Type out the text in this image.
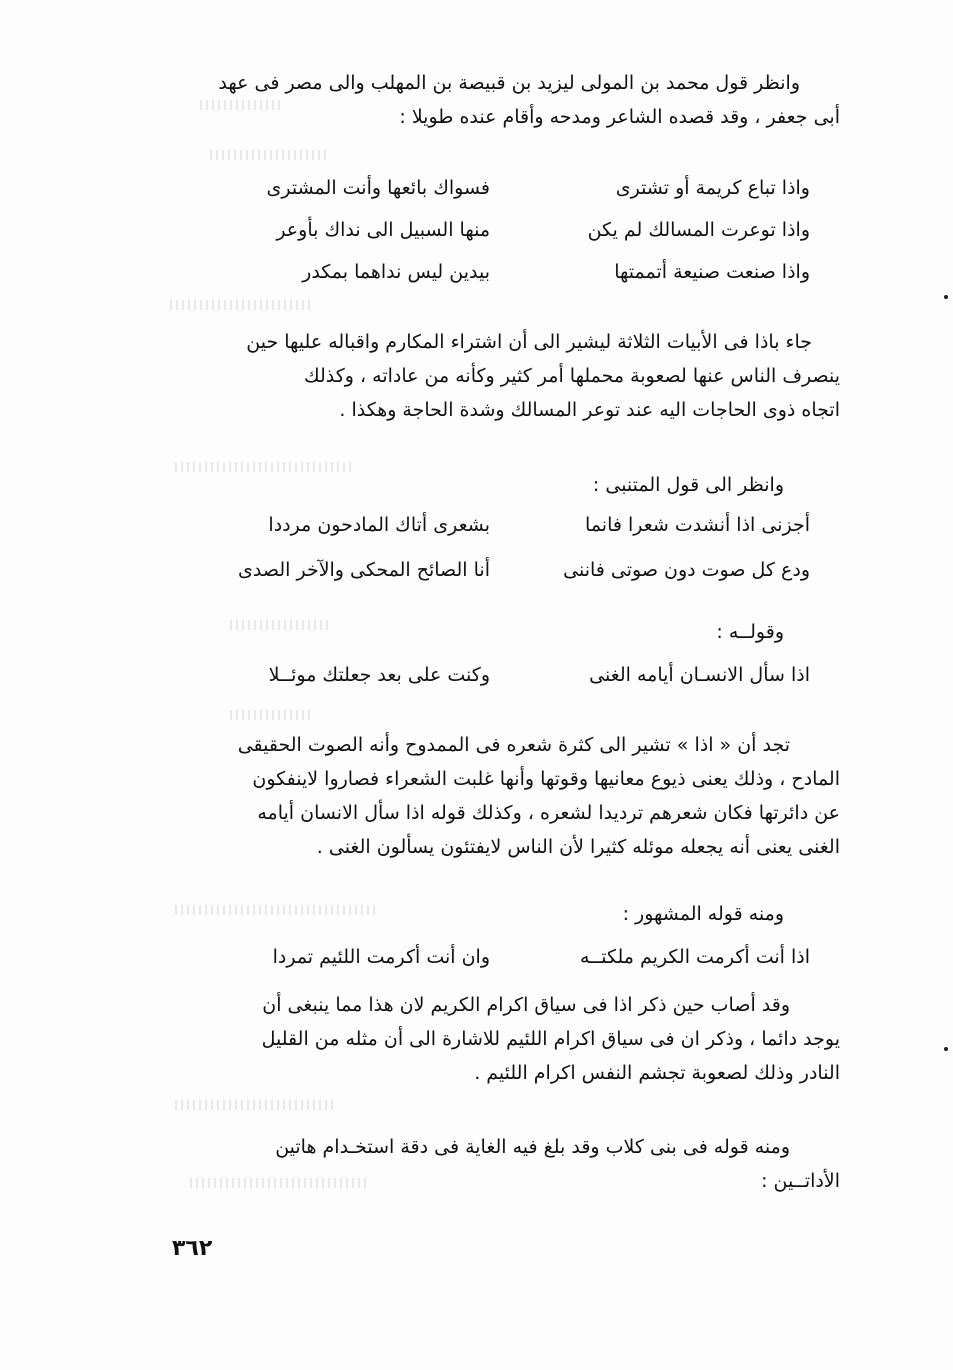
وانظر قول محمد بن المولى ليزيد بن قبيصة بن المهلب والى مصر فى عهد
أبى جعفر ، وقد قصده الشاعر ومدحه وأقام عنده طويلا :
واذا تباع كريمة أو تشترى
فسواك بائعها وأنت المشترى
واذا توعرت المسالك لم يكن
منها السبيل الى نداك بأوعر
واذا صنعت صنيعة أتممتها
بيدين ليس نداهما بمكدر
جاء باذا فى الأبيات الثلاثة ليشير الى أن اشتراء المكارم واقباله عليها حين
ينصرف الناس عنها لصعوبة محملها أمر كثير وكأنه من عاداته ، وكذلك
اتجاه ذوى الحاجات اليه عند توعر المسالك وشدة الحاجة وهكذا .
وانظر الى قول المتنبى :
أجزنى اذا أنشدت شعرا فانما
بشعرى أتاك المادحون مرددا
ودع كل صوت دون صوتى فاننى
أنا الصائح المحكى والآخر الصدى
وقولــه :
اذا سأل الانسـان أيامه الغنى
وكنت على بعد جعلتك موئــلا
تجد أن « اذا » تشير الى كثرة شعره فى الممدوح وأنه الصوت الحقيقى
المادح ، وذلك يعنى ذيوع معانيها وقوتها وأنها غلبت الشعراء فصاروا لاينفكون
عن دائرتها فكان شعرهم ترديدا لشعره ، وكذلك قوله اذا سأل الانسان أيامه
الغنى يعنى أنه يجعله موئله كثيرا لأن الناس لايفتئون يسألون الغنى .
ومنه قوله المشهور :
اذا أنت أكرمت الكريم ملكتــه
وان أنت أكرمت اللئيم تمردا
وقد أصاب حين ذكر اذا فى سياق اكرام الكريم لان هذا مما ينبغى أن
يوجد دائما ، وذكر ان فى سياق اكرام اللئيم للاشارة الى أن مثله من القليل
النادر وذلك لصعوبة تجشم النفس اكرام اللئيم .
ومنه قوله فى بنى كلاب وقد بلغ فيه الغاية فى دقة استخـدام هاتين
الأداتــين :
٣٦٢
